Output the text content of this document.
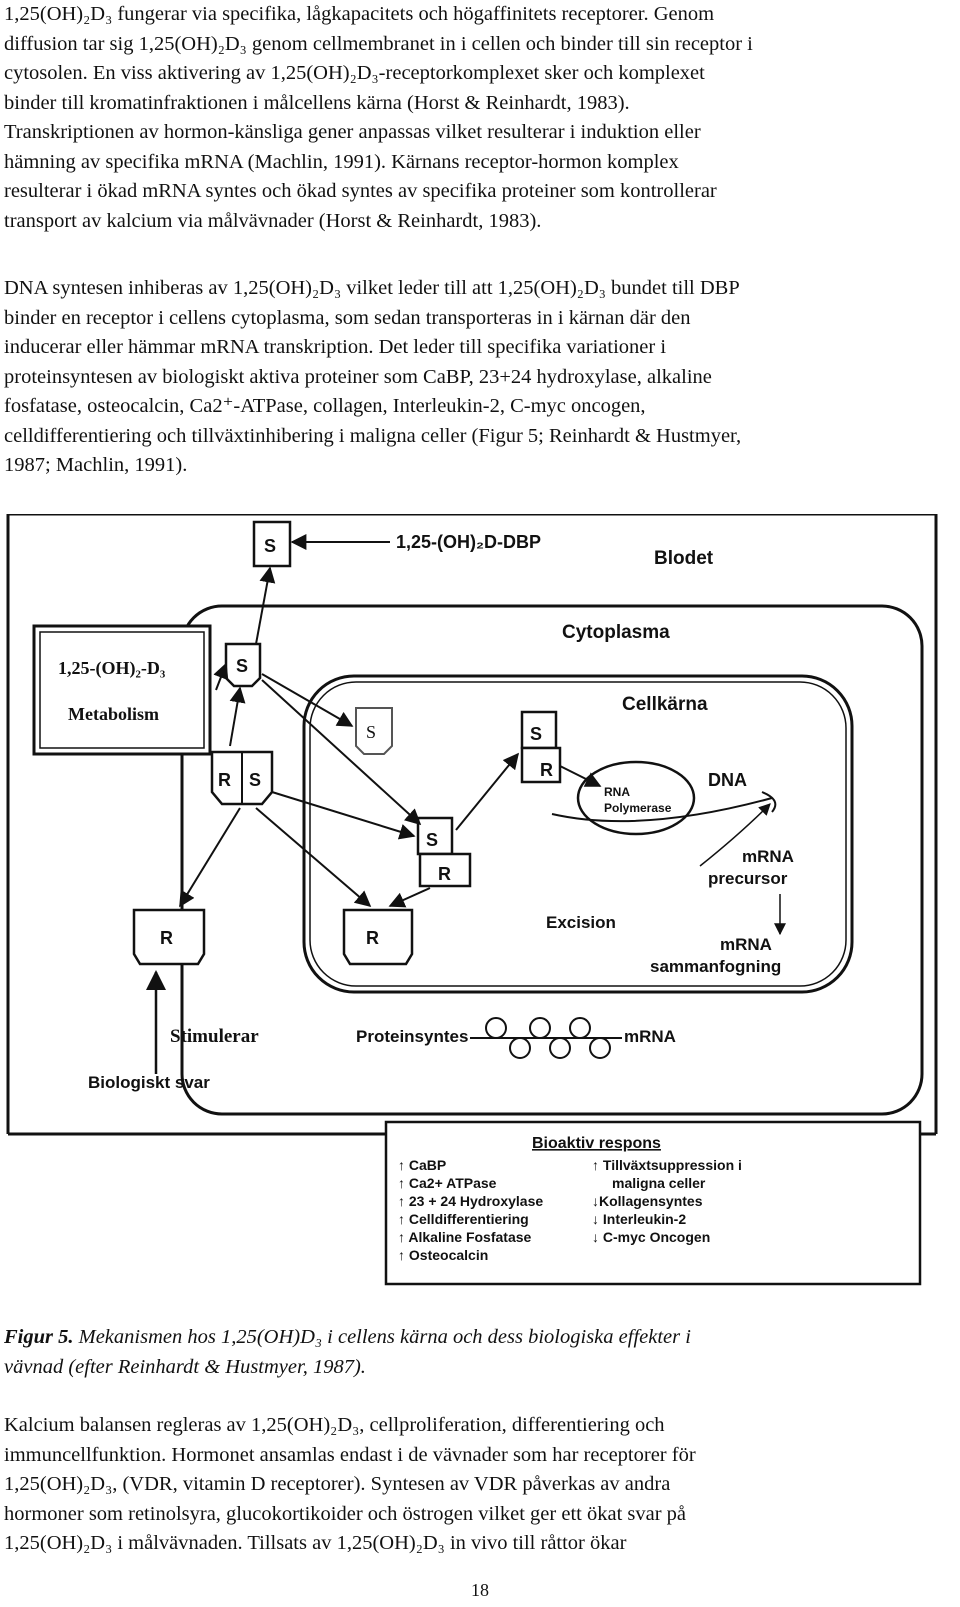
1,25(OH)₂D₃ fungerar via specifika, lågkapacitets och högaffinitets receptorer. Genom
diffusion tar sig 1,25(OH)₂D₃ genom cellmembranet in i cellen och binder till sin receptor i
cytosolen. En viss aktivering av 1,25(OH)₂D₃-receptorkomplexet sker och komplexet
binder till kromatinfraktionen i målcellens kärna (Horst & Reinhardt, 1983).
Transkriptionen av hormon-känsliga gener anpassas vilket resulterar i induktion eller
hämning av specifika mRNA (Machlin, 1991). Kärnans receptor-hormon komplex
resulterar i ökad mRNA syntes och ökad syntes av specifika proteiner som kontrollerar
transport av kalcium via målvävnader (Horst & Reinhardt, 1983).
DNA syntesen inhiberas av 1,25(OH)₂D₃ vilket leder till att 1,25(OH)₂D₃ bundet till DBP
binder en receptor i cellens cytoplasma, som sedan transporteras in i kärnan där den
inducerar eller hämmar mRNA transkription. Det leder till specifika variationer i
proteinsyntesen av biologiskt aktiva proteiner som CaBP, 23+24 hydroxylase, alkaline
fosfatase, osteocalcin, Ca2⁺-ATPase, collagen, Interleukin-2, C-myc oncogen,
celldifferentiering och tillväxtinhibering i maligna celler (Figur 5; Reinhardt & Hustmyer,
1987; Machlin, 1991).
S	1,25-(OH)₂D-DBP
Blodet
Cytoplasma
1,25-(OH)₂-D₃
Metabolism	Cellkärna
S
R S
S	S
R
S
R
RNA
Polymerase
DNA
mRNA
precursor
Excision
mRNA
sammanfogning
R	R
Stimulerar
Biologiskt svar
Proteinsyntes	mRNA
Bioaktiv respons
↑ CaBP
↑ Ca2+ ATPase
↑ 23 + 24 Hydroxylase
↑ Celldifferentiering
↑ Alkaline Fosfatase
↑ Osteocalcin
↑ Tillväxtsuppression i
maligna celler
↓Kollagensyntes
↓ Interleukin-2
↓ C-myc Oncogen
Figur 5. Mekanismen hos 1,25(OH)D₃ i cellens kärna och dess biologiska effekter i
vävnad (efter Reinhardt & Hustmyer, 1987).
Kalcium balansen regleras av 1,25(OH)₂D₃, cellproliferation, differentiering och
immuncellfunktion. Hormonet ansamlas endast i de vävnader som har receptorer för
1,25(OH)₂D₃, (VDR, vitamin D receptorer). Syntesen av VDR påverkas av andra
hormoner som retinolsyra, glucokortikoider och östrogen vilket ger ett ökat svar på
1,25(OH)₂D₃ i målvävnaden. Tillsats av 1,25(OH)₂D₃ in vivo till råttor ökar
18
